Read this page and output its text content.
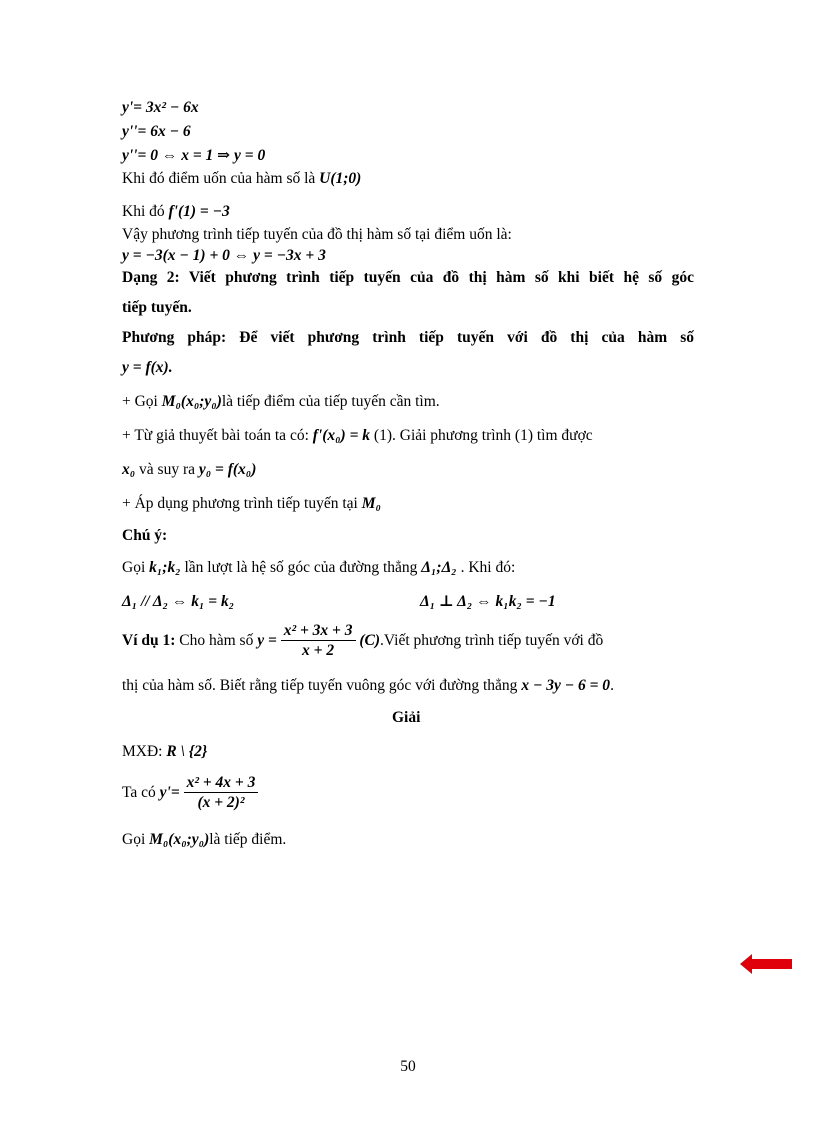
y'= 3x² − 6x
y''= 6x − 6
y''= 0 ⇔ x = 1 ⇒ y = 0
Khi đó điểm uốn của hàm số là U(1;0)
Khi đó f'(1) = −3
Vậy phương trình tiếp tuyến của đồ thị hàm số tại điểm uốn là:
y = −3(x − 1) + 0 ⇔ y = −3x + 3
Dạng 2: Viết phương trình tiếp tuyến của đồ thị hàm số khi biết hệ số góc
tiếp tuyến.
Phương pháp: Để viết phương trình tiếp tuyến với đồ thị của hàm số
y = f(x).
+ Gọi M₀(x₀;y₀)là tiếp điểm của tiếp tuyến cần tìm.
+ Từ giả thuyết bài toán ta có: f'(x₀) = k (1). Giải phương trình (1) tìm được
x₀ và suy ra y₀ = f(x₀)
+ Áp dụng phương trình tiếp tuyến tại M₀
Chú ý:
Gọi k₁;k₂ lần lượt là hệ số góc của đường thẳng Δ₁;Δ₂ . Khi đó:
Δ₁ // Δ₂ ⇔ k₁ = k₂	Δ₁ ⊥ Δ₂ ⇔ k₁k₂ = −1
Ví dụ 1: Cho hàm số $y = \frac{\text{x² + 3x + 3}}{x + 2}$ (C).Viết phương trình tiếp tuyến với đồ
thị của hàm số. Biết rằng tiếp tuyến vuông góc với đường thẳng x − 3y − 6 = 0.
Giải
MXĐ: R \ {2}
Ta có $y'= \frac{\text{x² + 4x + 3}}{\text{(x + 2)²}}$
Gọi M₀(x₀;y₀)là tiếp điểm.
50
